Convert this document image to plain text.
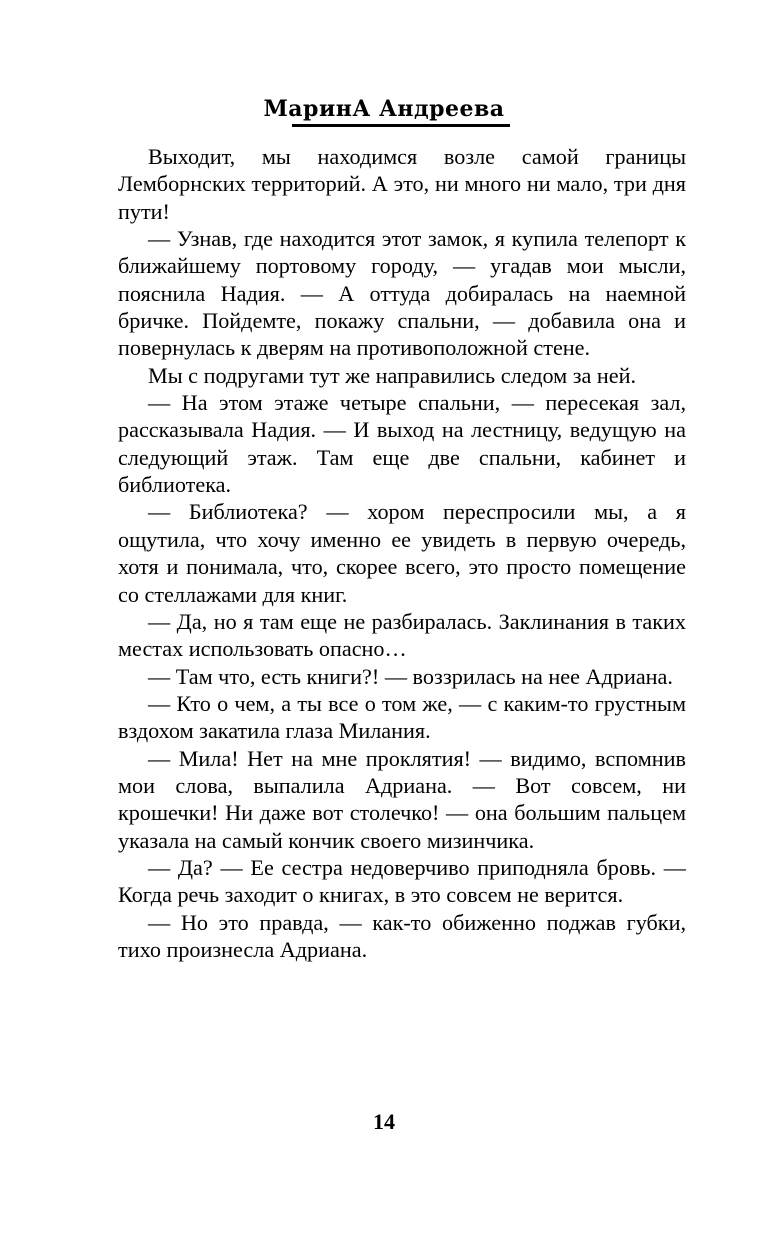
МаринА Андреева

Выходит, мы находимся возле самой границы Лемборнских территорий. А это, ни много ни мало, три дня пути!

— Узнав, где находится этот замок, я купила телепорт к ближайшему портовому городу, — угадав мои мысли, пояснила Надия. — А оттуда добиралась на наемной бричке. Пойдемте, покажу спальни, — добавила она и повернулась к дверям на противоположной стене.

Мы с подругами тут же направились следом за ней.

— На этом этаже четыре спальни, — пересекая зал, рассказывала Надия. — И выход на лестницу, ведущую на следующий этаж. Там еще две спальни, кабинет и библиотека.

— Библиотека? — хором переспросили мы, а я ощутила, что хочу именно ее увидеть в первую очередь, хотя и понимала, что, скорее всего, это просто помещение со стеллажами для книг.

— Да, но я там еще не разбиралась. Заклинания в таких местах использовать опасно…

— Там что, есть книги?! — воззрилась на нее Адриана.

— Кто о чем, а ты все о том же, — с каким-то грустным вздохом закатила глаза Милания.

— Мила! Нет на мне проклятия! — видимо, вспомнив мои слова, выпалила Адриана. — Вот совсем, ни крошечки! Ни даже вот столечко! — она большим пальцем указала на самый кончик своего мизинчика.

— Да? — Ее сестра недоверчиво приподняла бровь. — Когда речь заходит о книгах, в это совсем не верится.

— Но это правда, — как-то обиженно поджав губки, тихо произнесла Адриана.

14
